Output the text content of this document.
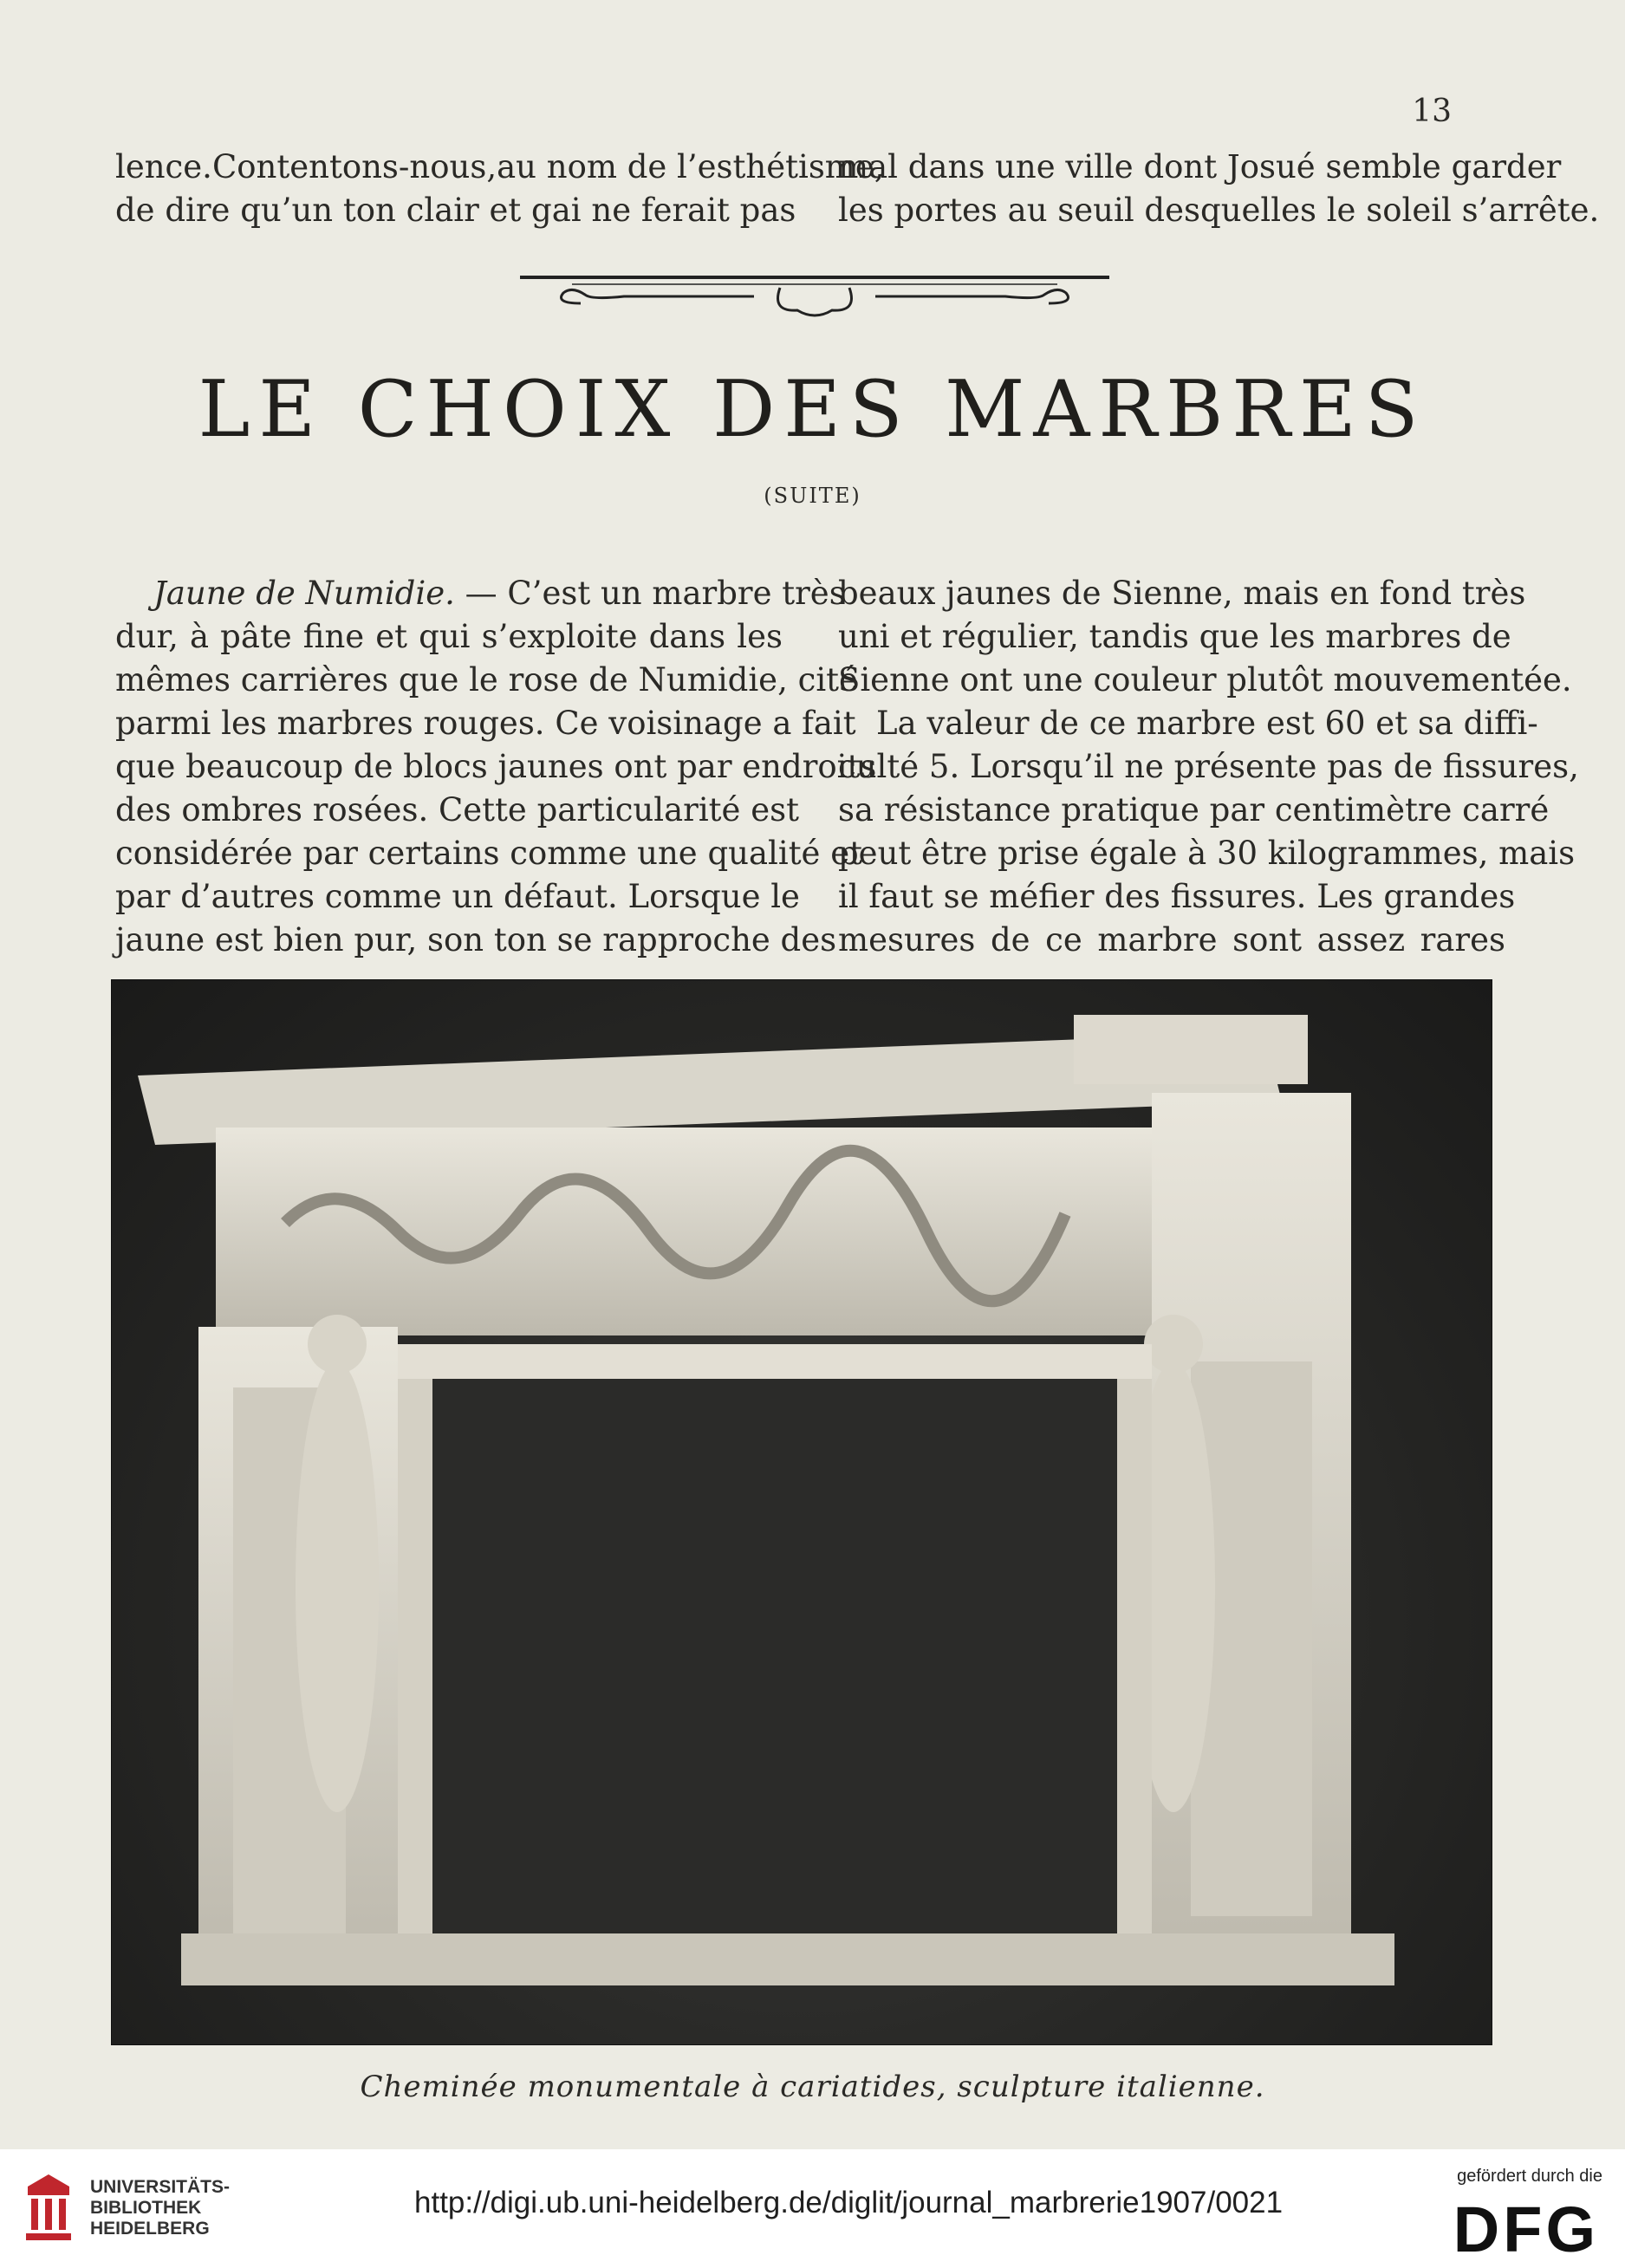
13
lence.Contentons-nous,au nom de l’esthétisme,
de dire qu’un ton clair et gai ne ferait pas
mal dans une ville dont Josué semble garder
les portes au seuil desquelles le soleil s’arrête.
LE CHOIX DES MARBRES
(SUITE)
Jaune de Numidie. — C’est un marbre très
dur, à pâte fine et qui s’exploite dans les
mêmes carrières que le rose de Numidie, cité
parmi les marbres rouges. Ce voisinage a fait
que beaucoup de blocs jaunes ont par endroits
des ombres rosées. Cette particularité est
considérée par certains comme une qualité et
par d’autres comme un défaut. Lorsque le
jaune est bien pur, son ton se rapproche des
beaux jaunes de Sienne, mais en fond très
uni et régulier, tandis que les marbres de
Sienne ont une couleur plutôt mouvementée.
La valeur de ce marbre est 60 et sa diffi-
culté 5. Lorsqu’il ne présente pas de fissures,
sa résistance pratique par centimètre carré
peut être prise égale à 30 kilogrammes, mais
il faut se méfier des fissures. Les grandes
mesures de ce marbre sont assez rares
Cheminée monumentale à cariatides, sculpture italienne.
UNIVERSITÄTS-
BIBLIOTHEK
HEIDELBERG
http://digi.ub.uni-heidelberg.de/diglit/journal_marbrerie1907/0021
gefördert durch die
DFG
